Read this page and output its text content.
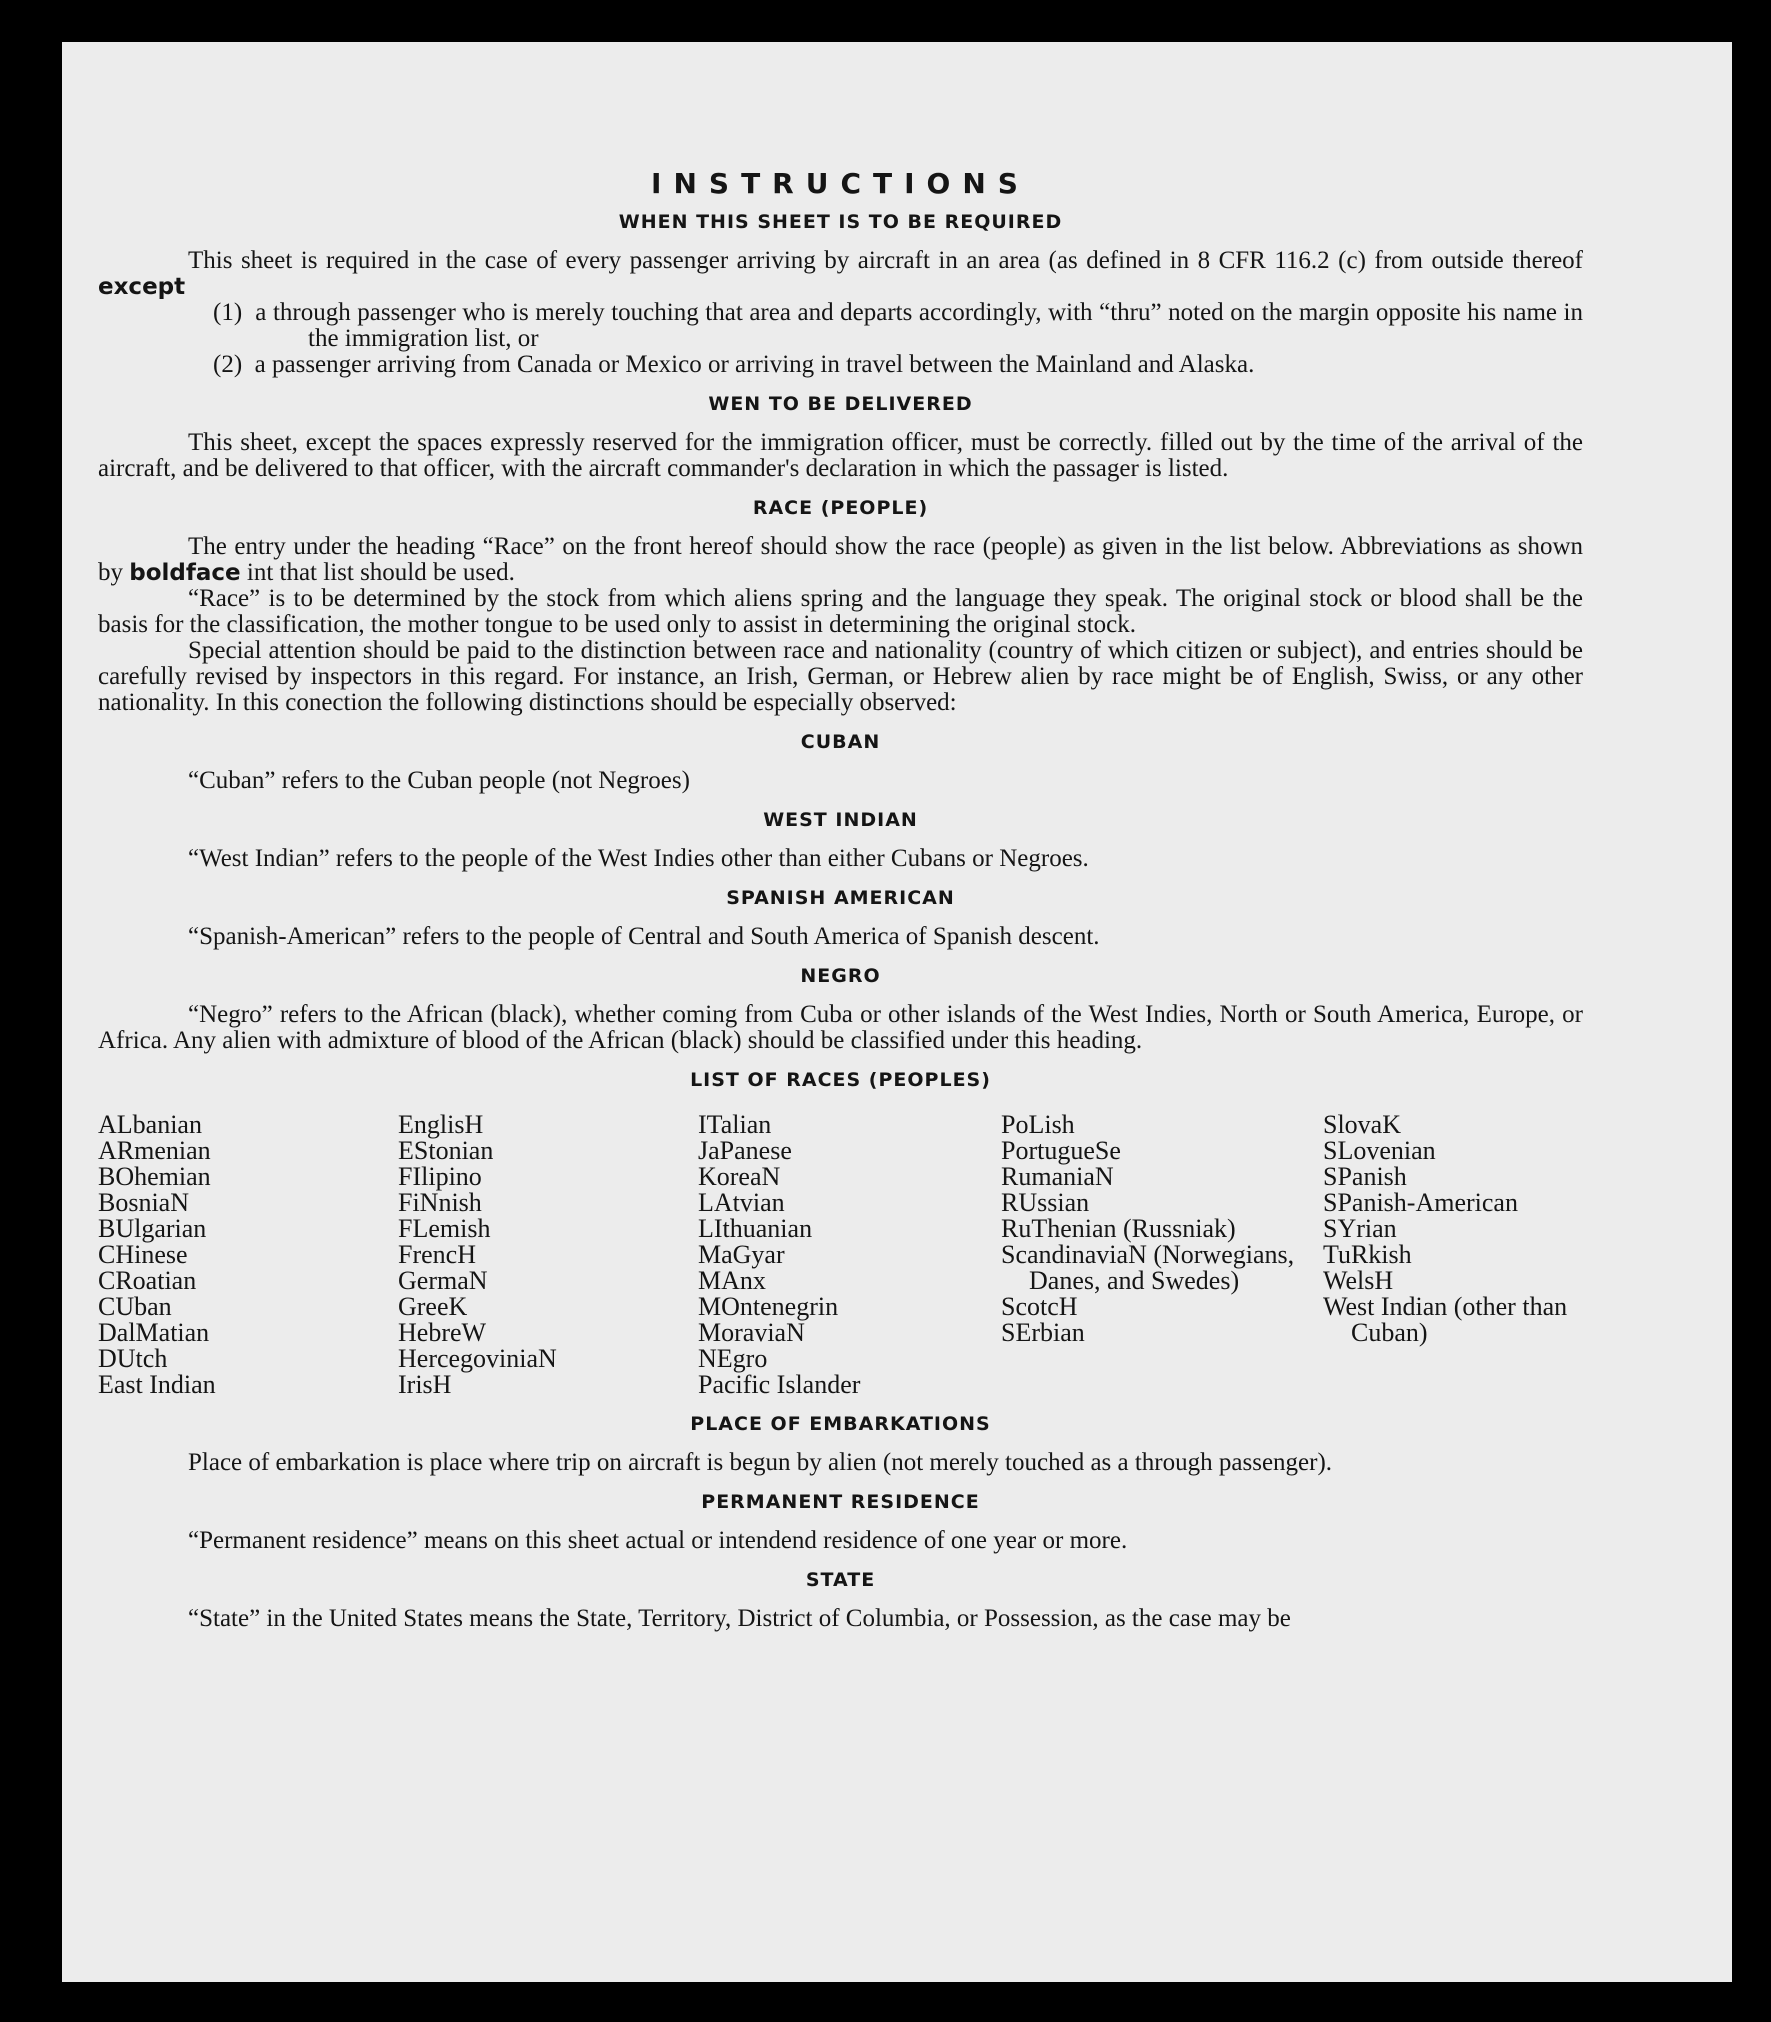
INSTRUCTIONS
WHEN THIS SHEET IS TO BE REQUIRED

This sheet is required in the case of every passenger arriving by aircraft in an area (as defined in 8 CFR 116.2 (c) from outside thereof except

(1) a through passenger who is merely touching that area and departs accordingly, with “thru” noted on the margin opposite his name in the immigration list, or

(2) a passenger arriving from Canada or Mexico or arriving in travel between the Mainland and Alaska.

WEN TO BE DELIVERED

This sheet, except the spaces expressly reserved for the immigration officer, must be correctly. filled out by the time of the arrival of the aircraft, and be delivered to that officer, with the aircraft commander's declaration in which the passager is listed.

RACE (PEOPLE)

The entry under the heading “Race” on the front hereof should show the race (people) as given in the list below. Abbreviations as shown by boldface int that list should be used.

“Race” is to be determined by the stock from which aliens spring and the language they speak. The original stock or blood shall be the basis for the classification, the mother tongue to be used only to assist in determining the original stock.

Special attention should be paid to the distinction between race and nationality (country of which citizen or subject), and entries should be carefully revised by inspectors in this regard. For instance, an Irish, German, or Hebrew alien by race might be of English, Swiss, or any other nationality. In this conection the following distinctions should be especially observed:

CUBAN

“Cuban” refers to the Cuban people (not Negroes)

WEST INDIAN

“West Indian” refers to the people of the West Indies other than either Cubans or Negroes.

SPANISH AMERICAN

“Spanish-American” refers to the people of Central and South America of Spanish descent.

NEGRO

“Negro” refers to the African (black), whether coming from Cuba or other islands of the West Indies, North or South America, Europe, or Africa. Any alien with admixture of blood of the African (black) should be classified under this heading.

LIST OF RACES (PEOPLES)
ALbanian
ARmenian
BOhemian
BosniaN
BUlgarian
CHinese
CRoatian
CUban
DalMatian
DUtch
East Indian
EnglisH
EStonian
FIlipino
FiNnish
FLemish
FrencH
GermaN
GreeK
HebreW
HercegoviniaN
IrisH
ITalian
JaPanese
KoreaN
LAtvian
LIthuanian
MaGyar
MAnx
MOntenegrin
MoraviaN
NEgro
Pacific Islander
PoLish
PortugueSe
RumaniaN
RUssian
RuThenian (Russniak)
ScandinaviaN (Norwegians, Danes, and Swedes)
ScotcH
SErbian
SlovaK
SLovenian
SPanish
SPanish-American
SYrian
TuRkish
WelsH
West Indian (other than Cuban)
PLACE OF EMBARKATIONS

Place of embarkation is place where trip on aircraft is begun by alien (not merely touched as a through passenger).

PERMANENT RESIDENCE

“Permanent residence” means on this sheet actual or intendend residence of one year or more.

STATE

“State” in the United States means the State, Territory, District of Columbia, or Possession, as the case may be
